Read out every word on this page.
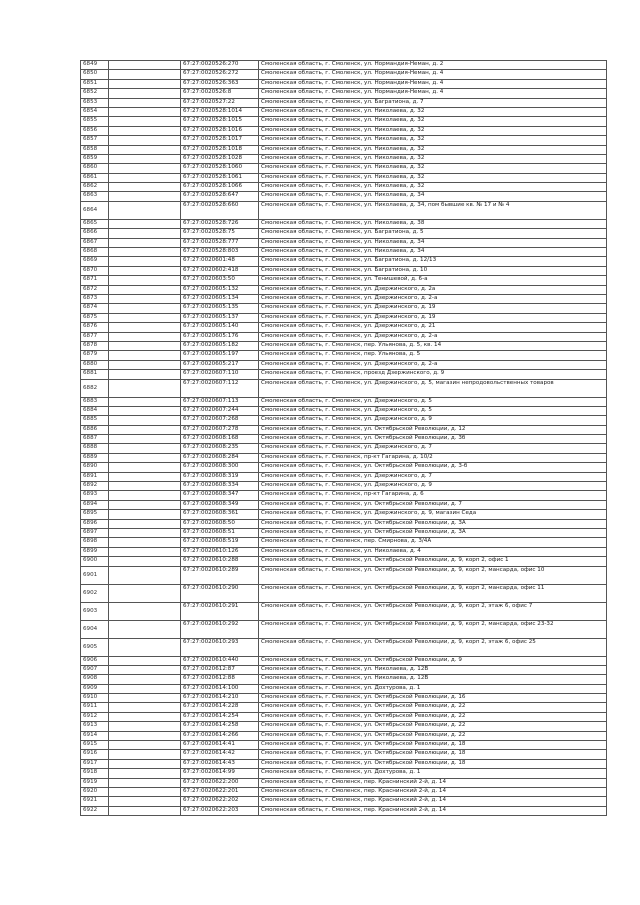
6849		67:27:0020526:270	Смоленская область, г. Смоленск, ул. Нормандия-Неман, д. 2
6850		67:27:0020526:272	Смоленская область, г. Смоленск, ул. Нормандия-Неман, д. 4
6851		67:27:0020526:363	Смоленская область, г. Смоленск, ул. Нормандия-Неман, д. 4
6852		67:27:0020526:8	Смоленская область, г. Смоленск, ул. Нормандия-Неман, д. 4
6853		67:27:0020527:22	Смоленская область, г. Смоленск, ул. Багратиона, д. 7
6854		67:27:0020528:1014	Смоленская область, г. Смоленск, ул. Николаева, д. 32
6855		67:27:0020528:1015	Смоленская область, г. Смоленск, ул. Николаева, д. 32
6856		67:27:0020528:1016	Смоленская область, г. Смоленск, ул. Николаева, д. 32
6857		67:27:0020528:1017	Смоленская область, г. Смоленск, ул. Николаева, д. 32
6858		67:27:0020528:1018	Смоленская область, г. Смоленск, ул. Николаева, д. 32
6859		67:27:0020528:1028	Смоленская область, г. Смоленск, ул. Николаева, д. 32
6860		67:27:0020528:1060	Смоленская область, г. Смоленск, ул. Николаева, д. 32
6861		67:27:0020528:1061	Смоленская область, г. Смоленск, ул. Николаева, д. 32
6862		67:27:0020528:1066	Смоленская область, г. Смоленск, ул. Николаева, д. 32
6863		67:27:0020528:647	Смоленская область, г. Смоленск, ул. Николаева, д. 34
6864		67:27:0020528:660	Смоленская область, г. Смоленск, ул. Николаева, д. 34, пом бывшие кв. № 17 и № 4
6865		67:27:0020528:726	Смоленская область, г. Смоленск, ул. Николаева, д. 38
6866		67:27:0020528:75	Смоленская область, г. Смоленск, ул. Багратиона, д. 5
6867		67:27:0020528:777	Смоленская область, г. Смоленск, ул. Николаева, д. 34
6868		67:27:0020528:803	Смоленская область, г. Смоленск, ул. Николаева, д. 34
6869		67:27:0020601:48	Смоленская область, г. Смоленск, ул. Багратиона, д. 12/13
6870		67:27:0020602:418	Смоленская область, г. Смоленск, ул. Багратиона, д. 10
6871		67:27:0020603:50	Смоленская область, г. Смоленск, ул. Тенишевой, д. 6-а
6872		67:27:0020605:132	Смоленская область, г. Смоленск, ул. Дзержинского, д. 2а
6873		67:27:0020605:134	Смоленская область, г. Смоленск, ул. Дзержинского, д. 2-а
6874		67:27:0020605:135	Смоленская область, г. Смоленск, ул. Дзержинского, д. 19
6875		67:27:0020605:137	Смоленская область, г. Смоленск, ул. Дзержинского, д. 19
6876		67:27:0020605:140	Смоленская область, г. Смоленск, ул. Дзержинского, д. 21
6877		67:27:0020605:176	Смоленская область, г. Смоленск, ул. Дзержинского, д. 2-а
6878		67:27:0020605:182	Смоленская область, г. Смоленск, пер. Ульянова, д. 5, кв. 14
6879		67:27:0020605:197	Смоленская область, г. Смоленск, пер. Ульянова, д. 5
6880		67:27:0020605:217	Смоленская область, г. Смоленск, ул. Дзержинского, д. 2-а
6881		67:27:0020607:110	Смоленская область, г. Смоленск, проезд Дзержинского, д. 9
6882		67:27:0020607:112	Смоленская область, г. Смоленск, ул. Дзержинского, д. 5, магазин непродовольственных товаров
6883		67:27:0020607:113	Смоленская область, г. Смоленск, ул. Дзержинского, д. 5
6884		67:27:0020607:244	Смоленская область, г. Смоленск, ул. Дзержинского, д. 5
6885		67:27:0020607:268	Смоленская область, г. Смоленск, ул. Дзержинского, д. 9
6886		67:27:0020607:278	Смоленская область, г. Смоленск, ул. Октябрьской Революции, д. 12
6887		67:27:0020608:168	Смоленская область, г. Смоленск, ул. Октябрьской Революции, д. 3б
6888		67:27:0020608:235	Смоленская область, г. Смоленск, ул. Дзержинского, д. 7
6889		67:27:0020608:284	Смоленская область, г. Смоленск, пр-кт Гагарина, д. 10/2
6890		67:27:0020608:300	Смоленская область, г. Смоленск, ул. Октябрьской Революции, д. 3-б
6891		67:27:0020608:319	Смоленская область, г. Смоленск, ул. Дзержинского, д. 7
6892		67:27:0020608:334	Смоленская область, г. Смоленск, ул. Дзержинского, д. 9
6893		67:27:0020608:347	Смоленская область, г. Смоленск, пр-кт Гагарина, д. 6
6894		67:27:0020608:349	Смоленская область, г. Смоленск, ул. Октябрьской Революции, д. 7
6895		67:27:0020608:361	Смоленская область, г. Смоленск, ул. Дзержинского, д. 9, магазин Седа
6896		67:27:0020608:50	Смоленская область, г. Смоленск, ул. Октябрьской Революции, д. 3А
6897		67:27:0020608:51	Смоленская область, г. Смоленск, ул. Октябрьской Революции, д. 3А
6898		67:27:0020608:519	Смоленская область, г. Смоленск, пер. Смирнова, д. 3/4А
6899		67:27:0020610:126	Смоленская область, г. Смоленск, ул. Николаева, д. 4
6900		67:27:0020610:288	Смоленская область, г. Смоленск, ул. Октябрьской Революции, д. 9, корп 2, офис 1
6901		67:27:0020610:289	Смоленская область, г. Смоленск, ул. Октябрьской Революции, д. 9, корп 2, мансарда, офис 10
6902		67:27:0020610:290	Смоленская область, г. Смоленск, ул. Октябрьской Революции, д. 9, корп 2, мансарда, офис 11
6903		67:27:0020610:291	Смоленская область, г. Смоленск, ул. Октябрьской Революции, д. 9, корп 2, этаж 6, офис 7
6904		67:27:0020610:292	Смоленская область, г. Смоленск, ул. Октябрьской Революции, д. 9, корп 2, мансарда, офис 23-32
6905		67:27:0020610:293	Смоленская область, г. Смоленск, ул. Октябрьской Революции, д. 9, корп 2, этаж 6, офис 25
6906		67:27:0020610:440	Смоленская область, г. Смоленск, ул. Октябрьской Революции, д. 9
6907		67:27:0020612:87	Смоленская область, г. Смоленск, ул. Николаева, д. 12В
6908		67:27:0020612:88	Смоленская область, г. Смоленск, ул. Николаева, д. 12В
6909		67:27:0020614:100	Смоленская область, г. Смоленск, ул. Дохтурова, д. 1
6910		67:27:0020614:210	Смоленская область, г. Смоленск, ул. Октябрьской Революции, д. 16
6911		67:27:0020614:228	Смоленская область, г. Смоленск, ул. Октябрьской Революции, д. 22
6912		67:27:0020614:254	Смоленская область, г. Смоленск, ул. Октябрьской Революции, д. 22
6913		67:27:0020614:258	Смоленская область, г. Смоленск, ул. Октябрьской Революции, д. 22
6914		67:27:0020614:266	Смоленская область, г. Смоленск, ул. Октябрьской Революции, д. 22
6915		67:27:0020614:41	Смоленская область, г. Смоленск, ул. Октябрьской Революции, д. 18
6916		67:27:0020614:42	Смоленская область, г. Смоленск, ул. Октябрьской Революции, д. 18
6917		67:27:0020614:43	Смоленская область, г. Смоленск, ул. Октябрьской Революции, д. 18
6918		67:27:0020614:99	Смоленская область, г. Смоленск, ул. Дохтурова, д. 1
6919		67:27:0020622:200	Смоленская область, г. Смоленск, пер. Краснинский 2-й, д. 14
6920		67:27:0020622:201	Смоленская область, г. Смоленск, пер. Краснинский 2-й, д. 14
6921		67:27:0020622:202	Смоленская область, г. Смоленск, пер. Краснинский 2-й, д. 14
6922		67:27:0020622:203	Смоленская область, г. Смоленск, пер. Краснинский 2-й, д. 14
